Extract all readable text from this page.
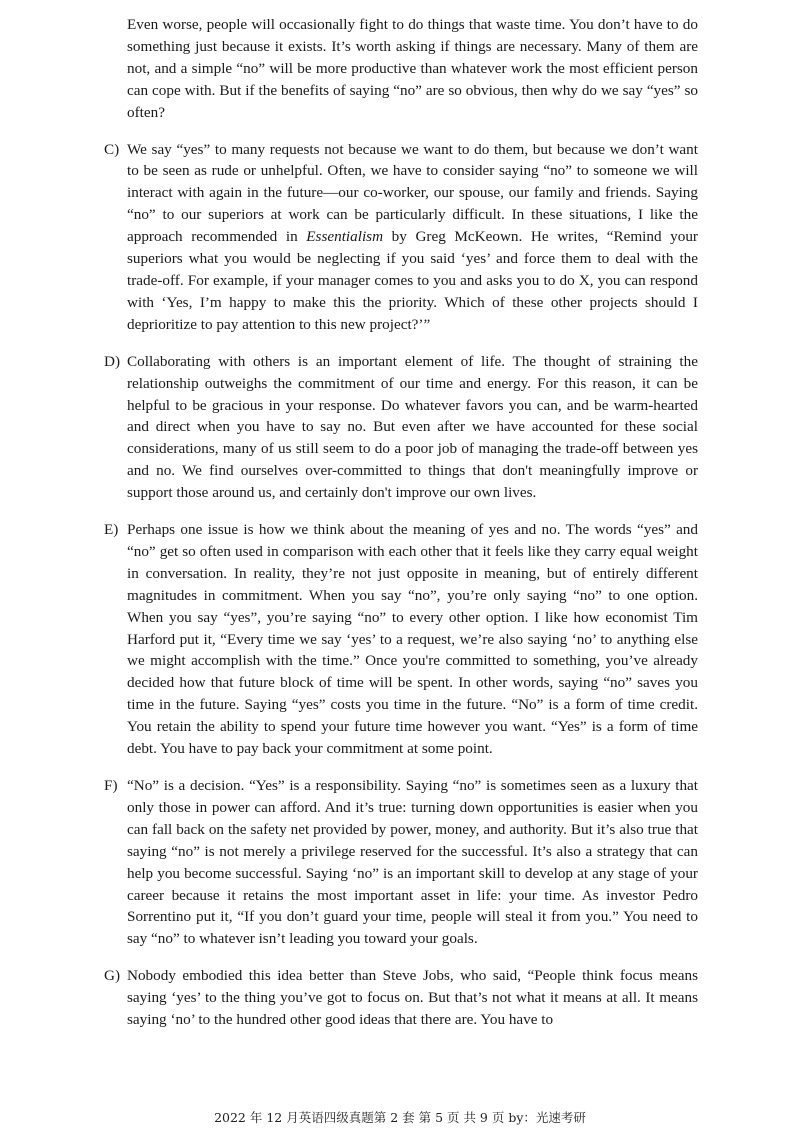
Even worse, people will occasionally fight to do things that waste time. You don’t have to do something just because it exists. It’s worth asking if things are necessary. Many of them are not, and a simple “no” will be more productive than whatever work the most efficient person can cope with. But if the benefits of saying “no” are so obvious, then why do we say “yes” so often?

C) We say “yes” to many requests not because we want to do them, but because we don’t want to be seen as rude or unhelpful. Often, we have to consider saying “no” to someone we will interact with again in the future—our co-worker, our spouse, our family and friends. Saying “no” to our superiors at work can be particularly difficult. In these situations, I like the approach recommended in Essentialism by Greg McKeown. He writes, “Remind your superiors what you would be neglecting if you said ‘yes’ and force them to deal with the trade-off. For example, if your manager comes to you and asks you to do X, you can respond with ‘Yes, I’m happy to make this the priority. Which of these other projects should I deprioritize to pay attention to this new project?’”

D) Collaborating with others is an important element of life. The thought of straining the relationship outweighs the commitment of our time and energy. For this reason, it can be helpful to be gracious in your response. Do whatever favors you can, and be warm-hearted and direct when you have to say no. But even after we have accounted for these social considerations, many of us still seem to do a poor job of managing the trade-off between yes and no. We find ourselves over-committed to things that don't meaningfully improve or support those around us, and certainly don't improve our own lives.

E) Perhaps one issue is how we think about the meaning of yes and no. The words “yes” and “no” get so often used in comparison with each other that it feels like they carry equal weight in conversation. In reality, they’re not just opposite in meaning, but of entirely different magnitudes in commitment. When you say “no”, you’re only saying “no” to one option. When you say “yes”, you’re saying “no” to every other option. I like how economist Tim Harford put it, “Every time we say ‘yes’ to a request, we’re also saying ‘no’ to anything else we might accomplish with the time.” Once you're committed to something, you’ve already decided how that future block of time will be spent. In other words, saying “no” saves you time in the future. Saying “yes” costs you time in the future. “No” is a form of time credit. You retain the ability to spend your future time however you want. “Yes” is a form of time debt. You have to pay back your commitment at some point.

F) “No” is a decision. “Yes” is a responsibility. Saying “no” is sometimes seen as a luxury that only those in power can afford. And it’s true: turning down opportunities is easier when you can fall back on the safety net provided by power, money, and authority. But it’s also true that saying “no” is not merely a privilege reserved for the successful. It’s also a strategy that can help you become successful. Saying ‘no” is an important skill to develop at any stage of your career because it retains the most important asset in life: your time. As investor Pedro Sorrentino put it, “If you don’t guard your time, people will steal it from you.” You need to say “no” to whatever isn’t leading you toward your goals.

G) Nobody embodied this idea better than Steve Jobs, who said, “People think focus means saying ‘yes’ to the thing you’ve got to focus on. But that’s not what it means at all. It means saying ‘no’ to the hundred other good ideas that there are. You have to

2022 年 12 月英语四级真题第 2 套 第 5 页 共 9 页 by：光速考研
